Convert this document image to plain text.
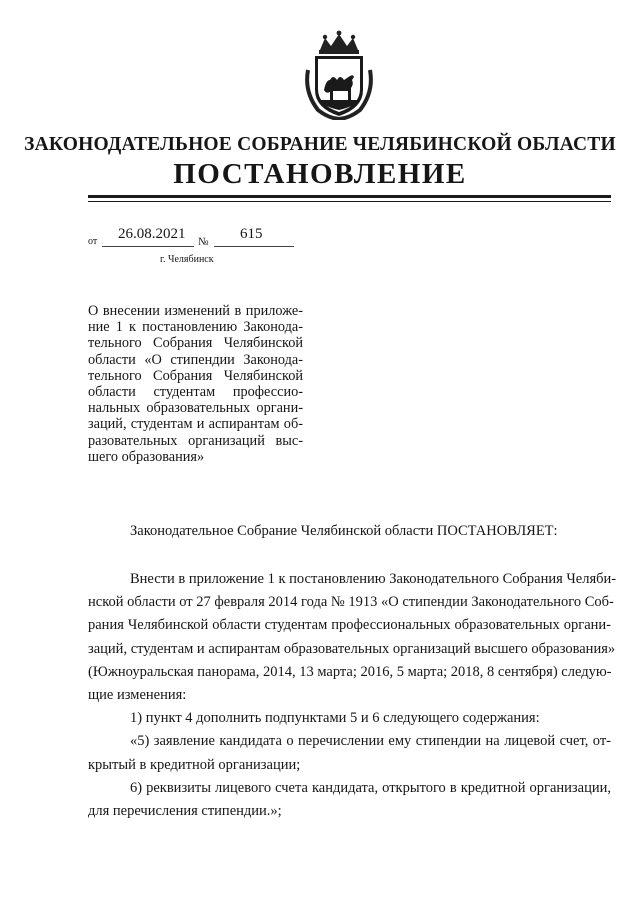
ЗАКОНОДАТЕЛЬНОЕ СОБРАНИЕ ЧЕЛЯБИНСКОЙ ОБЛАСТИ
ПОСТАНОВЛЕНИЕ
от 26.08.2021 № 615
г. Челябинск
О внесении изменений в приложе-
ние 1 к постановлению Законода-
тельного Собрания Челябинской
области «О стипендии Законода-
тельного Собрания Челябинской
области студентам профессио-
нальных образовательных органи-
заций, студентам и аспирантам об-
разовательных организаций выс-
шего образования»
Законодательное Собрание Челябинской области ПОСТАНОВЛЯЕТ:
Внести в приложение 1 к постановлению Законодательного Собрания Челяби-
нской области от 27 февраля 2014 года № 1913 «О стипендии Законодательного Соб-
рания Челябинской области студентам профессиональных образовательных органи-
заций, студентам и аспирантам образовательных организаций высшего образования»
(Южноуральская панорама, 2014, 13 марта; 2016, 5 марта; 2018, 8 сентября) следую-
щие изменения:
1) пункт 4 дополнить подпунктами 5 и 6 следующего содержания:
«5) заявление кандидата о перечислении ему стипендии на лицевой счет, от-
крытый в кредитной организации;
6) реквизиты лицевого счета кандидата, открытого в кредитной организации,
для перечисления стипендии.»;
